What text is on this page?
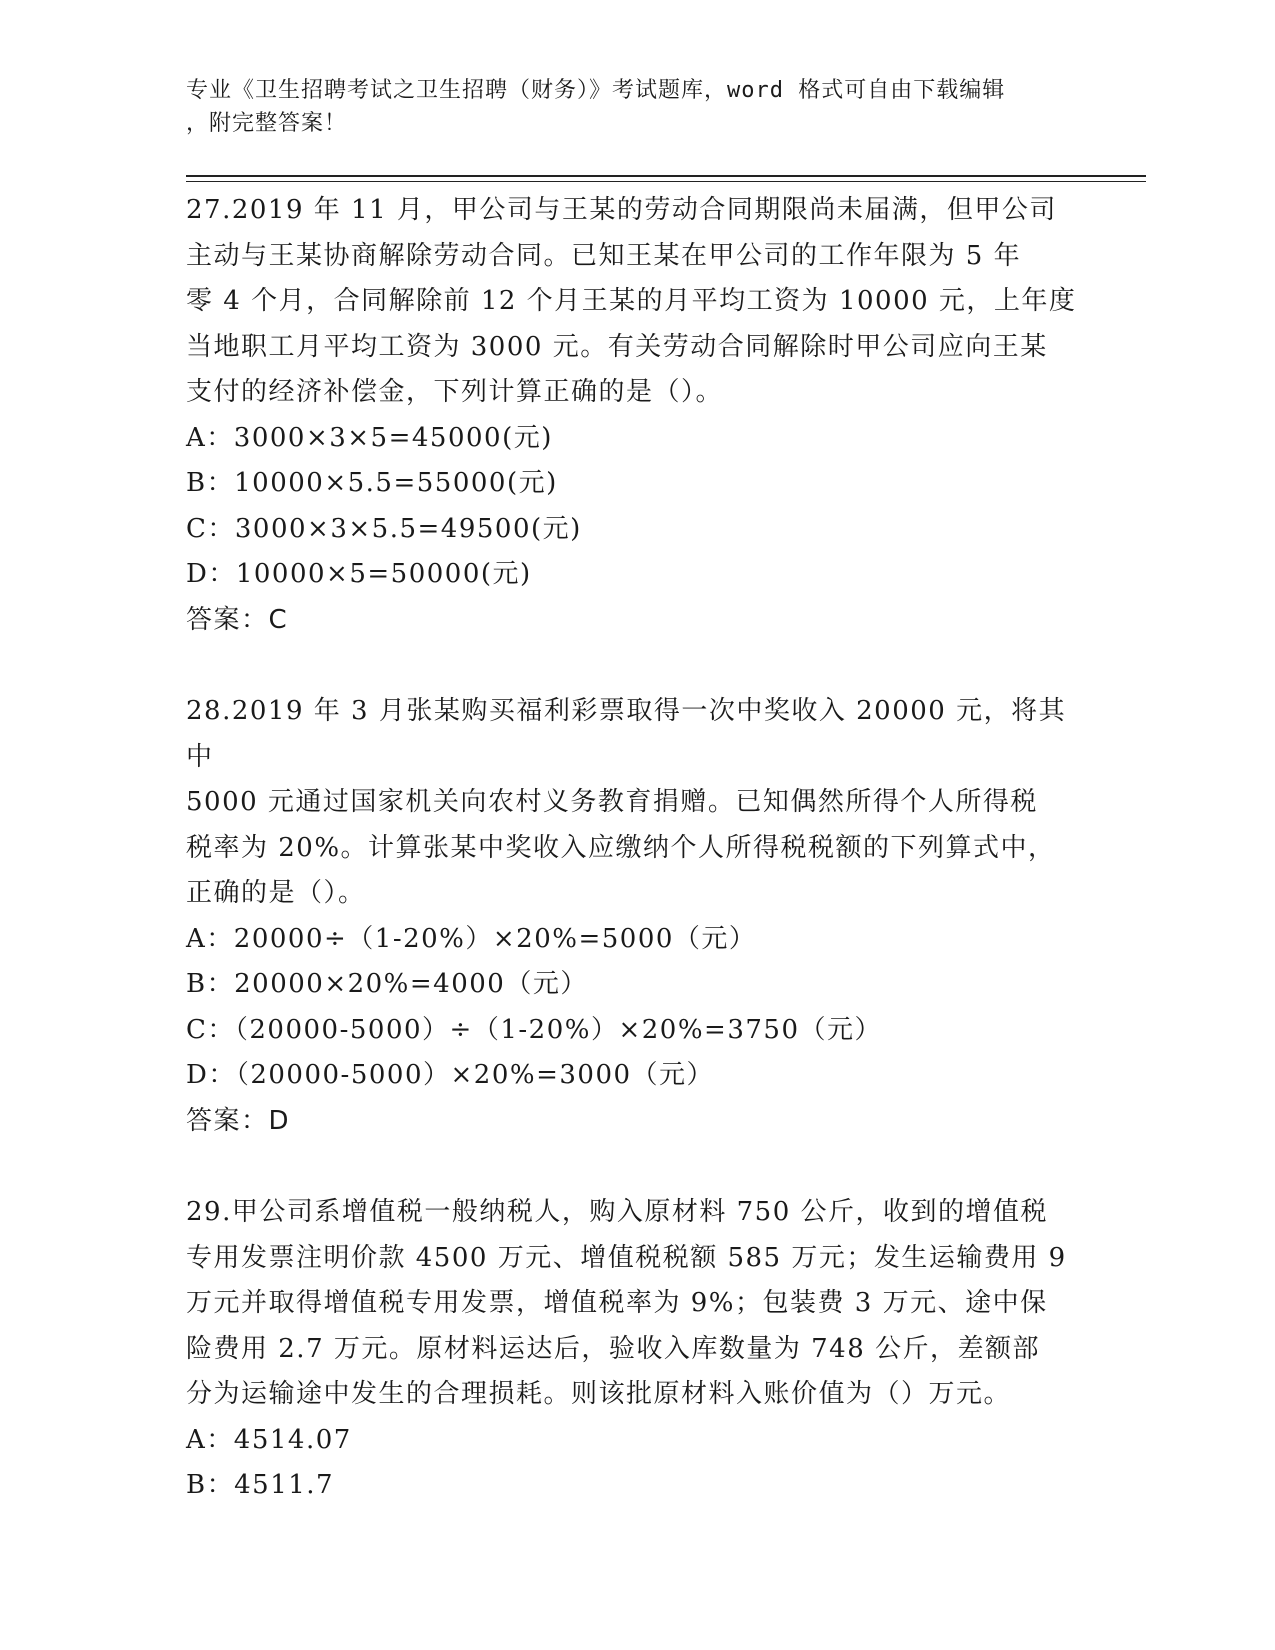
专业《卫生招聘考试之卫生招聘（财务）》考试题库，word 格式可自由下载编辑
，附完整答案！

27.2019 年 11 月，甲公司与王某的劳动合同期限尚未届满，但甲公司

主动与王某协商解除劳动合同。已知王某在甲公司的工作年限为 5 年

零 4 个月，合同解除前 12 个月王某的月平均工资为 10000 元，上年度

当地职工月平均工资为 3000 元。有关劳动合同解除时甲公司应向王某

支付的经济补偿金，下列计算正确的是（）。

A：3000×3×5=45000(元)

B：10000×5.5=55000(元)

C：3000×3×5.5=49500(元)

D：10000×5=50000(元)

答案：C

28.2019 年 3 月张某购买福利彩票取得一次中奖收入 20000 元，将其中

5000 元通过国家机关向农村义务教育捐赠。已知偶然所得个人所得税

税率为 20%。计算张某中奖收入应缴纳个人所得税税额的下列算式中，

正确的是（）。

A：20000÷（1-20%）×20%=5000（元）

B：20000×20%=4000（元）

C：（20000-5000）÷（1-20%）×20%=3750（元）

D：（20000-5000）×20%=3000（元）

答案：D

29.甲公司系增值税一般纳税人，购入原材料 750 公斤，收到的增值税

专用发票注明价款 4500 万元、增值税税额 585 万元；发生运输费用 9

万元并取得增值税专用发票，增值税率为 9%；包装费 3 万元、途中保

险费用 2.7 万元。原材料运达后，验收入库数量为 748 公斤，差额部

分为运输途中发生的合理损耗。则该批原材料入账价值为（）万元。

A：4514.07

B：4511.7
